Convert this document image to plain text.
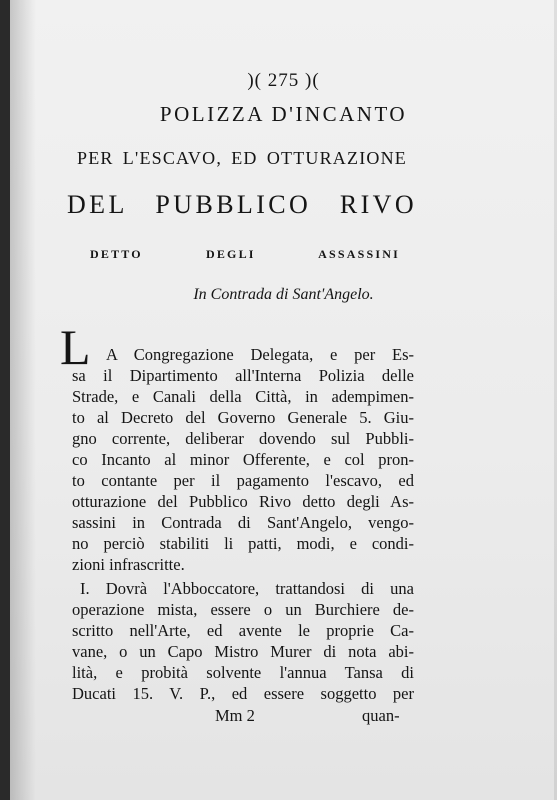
)( 275 )(

POLIZZA D'INCANTO

PER L'ESCAVO, ED OTTURAZIONE

DEL PUBBLICO RIVO

DETTO DEGLI ASSASSINI

In Contrada di Sant'Angelo.

L A Congregazione Delegata, e per Es-

sa il Dipartimento all'Interna Polizia delle

Strade, e Canali della Città, in adempimen-

to al Decreto del Governo Generale 5. Giu-

gno corrente, deliberar dovendo sul Pubbli-

co Incanto al minor Offerente, e col pron-

to contante per il pagamento l'escavo, ed

otturazione del Pubblico Rivo detto degli As-

sassini in Contrada di Sant'Angelo, vengo-

no perciò stabiliti li patti, modi, e condi-

zioni infrascritte.

I. Dovrà l'Abboccatore, trattandosi di una

operazione mista, essere o un Burchiere de-

scritto nell'Arte, ed avente le proprie Ca-

vane, o un Capo Mistro Murer di nota abi-

lità, e probità solvente l'annua Tansa di

Ducati 15. V. P., ed essere soggetto per

Mm 2	quan-
